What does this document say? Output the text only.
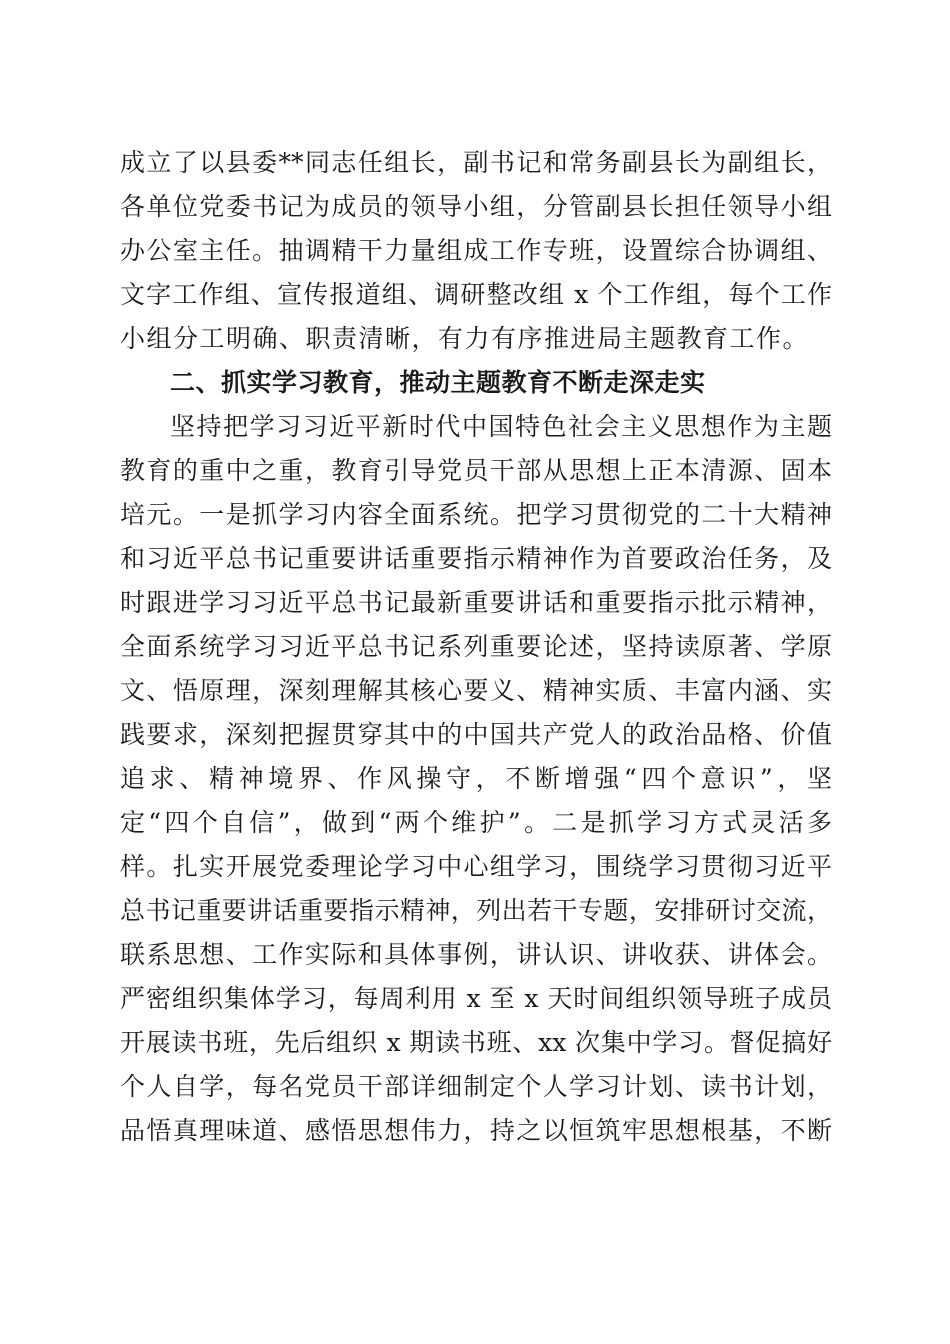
成立了以县委**同志任组长，副书记和常务副县长为副组长，
各单位党委书记为成员的领导小组，分管副县长担任领导小组
办公室主任。抽调精干力量组成工作专班，设置综合协调组、
文字工作组、宣传报道组、调研整改组 x 个工作组，每个工作
小组分工明确、职责清晰，有力有序推进局主题教育工作。
二、抓实学习教育，推动主题教育不断走深走实
坚持把学习习近平新时代中国特色社会主义思想作为主题
教育的重中之重，教育引导党员干部从思想上正本清源、固本
培元。一是抓学习内容全面系统。把学习贯彻党的二十大精神
和习近平总书记重要讲话重要指示精神作为首要政治任务，及
时跟进学习习近平总书记最新重要讲话和重要指示批示精神，
全面系统学习习近平总书记系列重要论述，坚持读原著、学原
文、悟原理，深刻理解其核心要义、精神实质、丰富内涵、实
践要求，深刻把握贯穿其中的中国共产党人的政治品格、价值
追求、精神境界、作风操守，不断增强“四个意识”，坚
定“四个自信”，做到“两个维护”。二是抓学习方式灵活多
样。扎实开展党委理论学习中心组学习，围绕学习贯彻习近平
总书记重要讲话重要指示精神，列出若干专题，安排研讨交流，
联系思想、工作实际和具体事例，讲认识、讲收获、讲体会。
严密组织集体学习，每周利用 x 至 x 天时间组织领导班子成员
开展读书班，先后组织 x 期读书班、xx 次集中学习。督促搞好
个人自学，每名党员干部详细制定个人学习计划、读书计划，
品悟真理味道、感悟思想伟力，持之以恒筑牢思想根基，不断
